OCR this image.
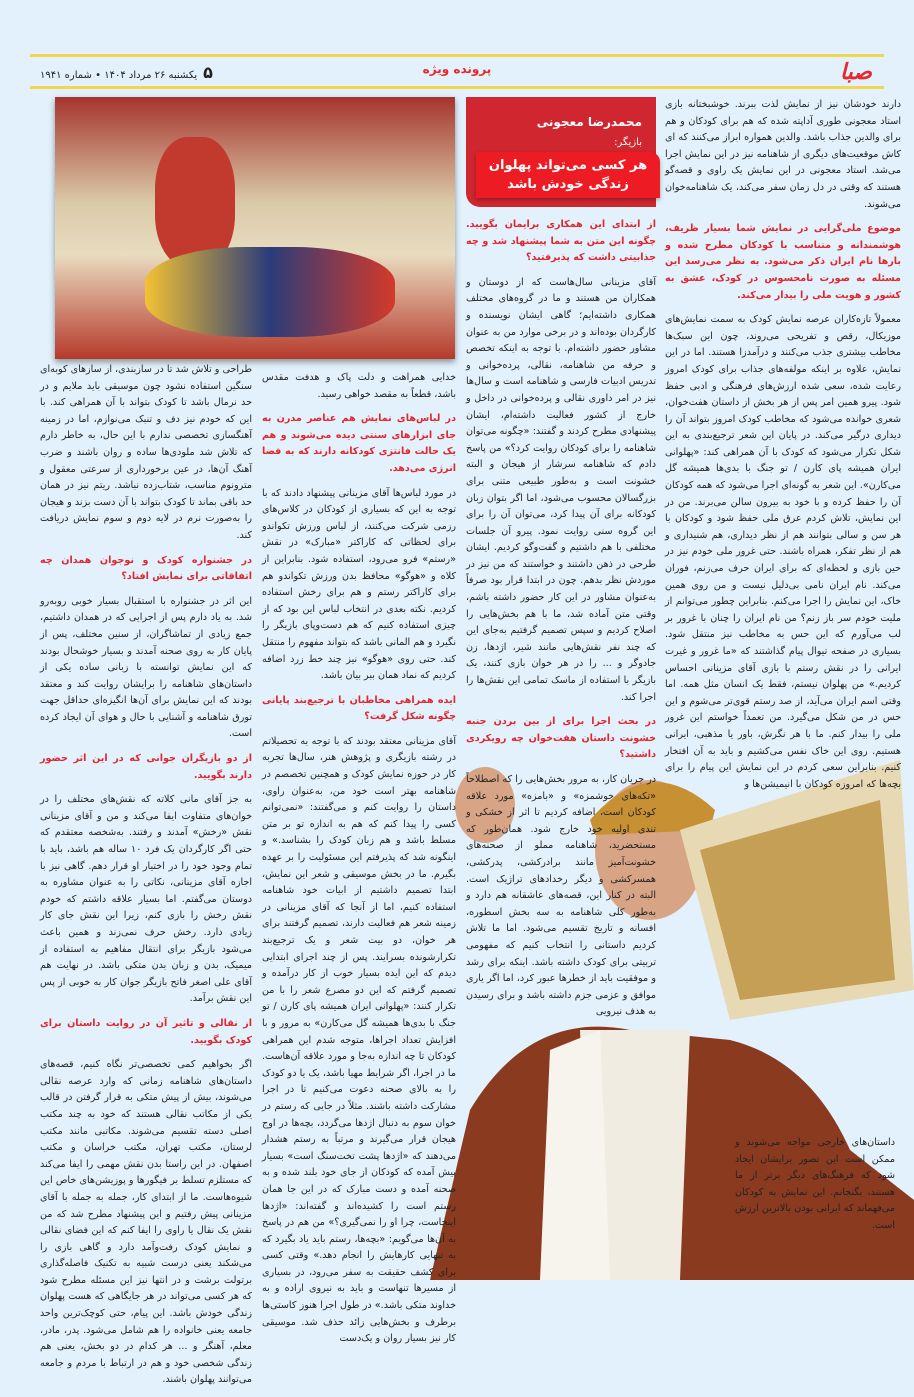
صبا
پرونده ویژه
۵یکشنبه ۲۶ مرداد ۱۴۰۴ • شماره ۱۹۴۱
محمدرضا معجونی
بازیگر:
هر کسی می‌تواند پهلوان زندگی خودش باشد

دارند خودشان نیز از نمایش لذت ببرند. خوشبختانه بازی استاد معجونی طوری آداپته شده که هم برای کودکان و هم برای والدین جذاب باشد. والدین همواره ابراز می‌کنند که ای کاش موقعیت‌های دیگری از شاهنامه نیز در این نمایش اجرا می‌شد. استاد معجونی در این نمایش یک راوی و قصه‌گو هستند که وقتی در دل زمان سفر می‌کند، یک شاهنامه‌خوان می‌شوند.

موضوع ملی‌گرایی در نمایش شما بسیار ظریف، هوشمندانه و متناسب با کودکان مطرح شده و بارها نام ایران ذکر می‌شود. به نظر می‌رسد این مسئله به صورت نامحسوس در کودک، عشق به کشور و هویت ملی را بیدار می‌کند.

معمولاً تازه‌کاران عرصه نمایش کودک به سمت نمایش‌های موزیکال، رقص و تفریحی می‌روند، چون این سبک‌ها مخاطب بیشتری جذب می‌کنند و درآمدزا هستند. اما در این نمایش، علاوه بر اینکه مولفه‌های جذاب برای کودک امروز رعایت شده، سعی شده ارزش‌های فرهنگی و ادبی حفظ شود. پیرو همین امر پس از هر بخش از داستان هفت‌خوان، شعری خوانده می‌شود که مخاطب کودک امروز بتواند آن را دیداری درگیر می‌کند. در پایان این شعر ترجیع‌بندی به این شکل تکرار می‌شود که کودک با آن همراهی کند: «پهلوانی ایران همیشه پای کارن / تو جنگ با بدی‌ها همیشه گل می‌کارن». این شعر به گونه‌ای اجرا می‌شود که همه کودکان آن را حفظ کرده و با خود به بیرون سالن می‌برند. من در این نمایش، تلاش کردم عرق ملی حفظ شود و کودکان با هر سن و سالی بتوانند هم از نظر دیداری، هم شنیداری و هم از نظر تفکر، همراه باشند. حتی غرور ملی خودم نیز در حین بازی و لحظه‌ای که برای ایران حرف می‌زنم، فوران می‌کند. نام ایران نامی بی‌دلیل نیست و من روی همین خاک، این نمایش را اجرا می‌کنم. بنابراین چطور می‌توانم از ملیت خودم سر باز زنم؟ من نام ایران را چنان با غرور بر لب می‌آورم که این حس به مخاطب نیز منتقل شود. بسیاری در صفحه تیوال پیام گذاشتند که «ما غرور و غیرت ایرانی را در نقش رستم با بازی آقای مزینانی احساس کردیم.» من پهلوان نیستم، فقط یک انسان مثل همه. اما وقتی اسم ایران می‌آید، از صد رستم قوی‌تر می‌شوم و این حس در من شکل می‌گیرد. من تعمداً خواستم این غرور ملی را بیدار کنم. ما با هر نگرش، باور یا مذهبی، ایرانی هستیم. روی این خاک نفس می‌کشیم و باید به آن افتخار کنیم. بنابراین سعی کردم در این نمایش این پیام را برای بچه‌ها که امروزه کودکان با انیمیشن‌ها و

از ابتدای این همکاری برایمان بگویید. چگونه این متن به شما پیشنهاد شد و چه جذابیتی داشت که پذیرفتید؟

آقای مزینانی سال‌هاست که از دوستان و همکاران من هستند و ما در گروه‌های مختلف همکاری داشته‌ایم؛ گاهی ایشان نویسنده و کارگردان بوده‌اند و در برخی موارد من به عنوان مشاور حضور داشته‌ام. با توجه به اینکه تخصص و حرفه من شاهنامه، نقالی، پرده‌خوانی و تدریس ادبیات فارسی و شاهنامه است و سال‌ها نیز در امر داوری نقالی و پرده‌خوانی در داخل و خارج از کشور فعالیت داشته‌ام، ایشان پیشنهادی مطرح کردند و گفتند: «چگونه می‌توان شاهنامه را برای کودکان روایت کرد؟» من پاسخ دادم که شاهنامه سرشار از هیجان و البته خشونت است و به‌طور طبیعی متنی برای بزرگسالان محسوب می‌شود، اما اگر بتوان زبان کودکانه برای آن پیدا کرد، می‌توان آن را برای این گروه سنی روایت نمود. پیرو آن جلسات مختلفی با هم داشتیم و گفت‌وگو کردیم. ایشان طرحی در ذهن داشتند و خواستند که من نیز در موردش نظر بدهم. چون در ابتدا قرار بود صرفاً به‌عنوان مشاور در این کار حضور داشته باشم، وقتی متن آماده شد، ما با هم بخش‌هایی را اصلاح کردیم و سپس تصمیم گرفتیم به‌جای این که چند نفر نقش‌هایی مانند شیر، اژدها، زن جادوگر و ... را در هر خوان بازی کنند، یک بازیگر با استفاده از ماسک تمامی این نقش‌ها را اجرا کند.

در بحث اجرا برای از بین بردن جنبه خشونت داستان هفت‌خوان چه رویکردی داشتید؟

در جریان کار، به مرور بخش‌هایی را که اصطلاحاً «تکه‌های خوشمزه» و «بامزه» مورد علاقه کودکان است، اضافه کردیم تا اثر از خشکی و تندی اولیه خود خارج شود. همان‌طور که مستحضرید، شاهنامه مملو از صحنه‌های خشونت‌آمیز مانند برادرکشی، پدرکشی، همسرکشی و دیگر رخدادهای تراژیک است. البته در کنار این، قصه‌های عاشقانه هم دارد و به‌طور کلی شاهنامه به سه بخش اسطوره، افسانه و تاریخ تقسیم می‌شود. اما ما تلاش کردیم داستانی را انتخاب کنیم که مفهومی تربیتی برای کودک داشته باشد. اینکه برای رشد و موفقیت باید از خطرها عبور کرد، اما اگر یاری موافق و عزمی جزم داشته باشد و برای رسیدن به هدف نیرویی

خدایی همراهت و دلت پاک و هدفت مقدس باشد، قطعاً به مقصد خواهی رسید.

در لباس‌های نمایش هم عناصر مدرن به جای ابزارهای سنتی دیده می‌شوند و هم یک حالت فانتزی کودکانه دارند که به فضا انرژی می‌دهد.

در مورد لباس‌ها آقای مزینانی پیشنهاد دادند که با توجه به این که بسیاری از کودکان در کلاس‌های رزمی شرکت می‌کنند، از لباس ورزش تکواندو برای لحظاتی که کاراکتر «مبارک» در نقش «رستم» فرو می‌رود، استفاده شود. بنابراین از کلاه و «هوگو» محافظ بدن ورزش تکواندو هم برای کاراکتر رستم و هم برای رخش استفاده کردیم. نکته بعدی در انتخاب لباس این بود که از چیزی استفاده کنیم که هم دست‌وپای بازیگر را نگیرد و هم المانی باشد که بتواند مفهوم را منتقل کند. حتی روی «هوگو» نیز چند خط زرد اضافه کردیم که نماد همان ببر بیان باشد.

ایده همراهی مخاطبان با ترجیع‌بند پایانی چگونه شکل گرفت؟

آقای مزینانی معتقد بودند که با توجه به تحصیلاتم در رشته بازیگری و پژوهش هنر، سال‌ها تجربه کار در حوزه نمایش کودک و همچنین تخصصم در شاهنامه بهتر است خود من، به‌عنوان راوی، داستان را روایت کنم و می‌گفتند: «نمی‌توانم کسی را پیدا کنم که هم به اندازه تو بر متن مسلط باشد و هم زبان کودک را بشناسد.» و اینگونه شد که پذیرفتم این مسئولیت را بر عهده بگیرم. ما در بخش موسیقی و شعر این نمایش، ابتدا تصمیم داشتیم از ابیات خود شاهنامه استفاده کنیم، اما از آنجا که آقای مزینانی در زمینه شعر هم فعالیت دارند، تصمیم گرفتند برای هر خوان، دو بیت شعر و یک ترجیع‌بند تکرارشونده بسرایند. پس از چند اجرای ابتدایی دیدم که این ایده بسیار خوب از کار درآمده و تصمیم گرفتم که این دو مصرع شعر را با من تکرار کنند: «پهلوانی ایران همیشه پای کارن / تو جنگ با بدی‌ها همیشه گل می‌کارن» به مرور و با افزایش تعداد اجراها، متوجه شدم این همراهی کودکان تا چه اندازه به‌جا و مورد علاقه آن‌هاست. ما در اجرا، اگر شرایط مهیا باشد، یک یا دو کودک را به بالای صحنه دعوت می‌کنیم تا در اجرا مشارکت داشته باشند. مثلاً در جایی که رستم در خوان سوم به دنبال اژدها می‌گردد، بچه‌ها در اوج هیجان قرار می‌گیرند و مرتباً به رستم هشدار می‌دهند که «اژدها پشت تخت‌سنگ است» بسیار پیش آمده که کودکان از جای خود بلند شده و به صحنه آمده و دست مبارک که در این جا همان رستم است را کشیده‌اند و گفته‌اند: «اژدها اینجاست، چرا او را نمی‌گیری؟» من هم در پاسخ به آن‌ها می‌گویم: «بچه‌ها، رستم باید یاد بگیرد که به تنهایی کارهایش را انجام دهد.» وقتی کسی برای کشف حقیقت به سفر می‌رود، در بسیاری از مسیرها تنهاست و باید به نیروی اراده و به خداوند متکی باشد.» در طول اجرا هنوز کاستی‌ها برطرف و بخش‌هایی زائد حذف شد. موسیقی کار نیز بسیار روان و یک‌دست

طراحی و تلاش شد تا در سازبندی، از سازهای کوبه‌ای سنگین استفاده نشود چون موسیقی باید ملایم و در حد نرمال باشد تا کودک بتواند با آن همراهی کند. با این که خودم نیز دف و تنبک می‌نوازم، اما در زمینه آهنگسازی تخصصی ندارم با این حال، به خاطر دارم که تلاش شد ملودی‌ها ساده و روان باشند و ضرب آهنگ آن‌ها، در عین برخورداری از سرعتی معقول و مترونوم مناسب، شتاب‌زده نباشد. ریتم نیز در همان حد باقی بماند تا کودک بتواند با آن دست بزند و هیجان را به‌صورت نرم در لایه دوم و سوم نمایش دریافت کند.

در جشنواره کودک و نوجوان همدان چه اتفاقاتی برای نمایش افتاد؟

این اثر در جشنواره با استقبال بسیار خوبی روبه‌رو شد. به یاد دارم پس از اجرایی که در همدان داشتیم، جمع زیادی از تماشاگران، از سنین مختلف، پس از پایان کار به روی صحنه آمدند و بسیار خوشحال بودند که این نمایش توانسته با زبانی ساده یکی از داستان‌های شاهنامه را برایشان روایت کند و معتقد بودند که این نمایش برای آن‌ها انگیزه‌ای حداقل جهت تورق شاهنامه و آشنایی با حال و هوای آن ایجاد کرده است.

از دو بازیگران جوانی که در این اثر حضور دارند بگویید.

به جز آقای مانی کلاته که نقش‌های مختلف را در خوان‌های متفاوت ایفا می‌کند و من و آقای مزینانی نقش «رخش» آمدند و رفتند. به‌شخصه معتقدم که حتی اگر کارگردان یک فرد ۱۰ ساله هم باشد، باید با تمام وجود خود را در اختیار او قرار دهم. گاهی نیز با اجازه آقای مزینانی، نکاتی را به عنوان مشاوره به دوستان می‌گفتم. اما بسیار علاقه داشتم که خودم نقش رخش را بازی کنم، زیرا این نقش جای کار زیادی دارد. رخش حرف نمی‌زند و همین باعث می‌شود بازیگر برای انتقال مفاهیم به استفاده از میمیک، بدن و زبان بدن متکی باشد. در نهایت هم آقای علی اصغر فاتح بازیگر جوان کار به خوبی از پس این نقش برآمد.

از نقالی و تاثیر آن در روایت داستان برای کودک بگویید.

اگر بخواهیم کمی تخصصی‌تر نگاه کنیم، قصه‌های داستان‌های شاهنامه زمانی که وارد عرصه نقالی می‌شوند، بیش از پیش متکی به قرار گرفتن در قالب یکی از مکاتب نقالی هستند که خود به چند مکتب اصلی دسته تقسیم می‌شوند. مکاتبی مانند مکتب لرستان، مکتب تهران، مکتب خراسان و مکتب اصفهان. در این راستا بدن نقش مهمی را ایفا می‌کند که مستلزم تسلط بر فیگورها و پوزیشن‌های خاص این شیوه‌هاست. ما از ابتدای کار، جمله به جمله با آقای مزینانی پیش رفتیم و این پیشنهاد مطرح شد که من نقش یک نقال یا راوی را ایفا کنم که این فضای نقالی و نمایش کودک رفت‌وآمد دارد و گاهی بازی را می‌شکند یعنی درست شبیه به تکنیک فاصله‌گذاری برتولت برشت و در انتها نیز این مسئله مطرح شود که هر کسی می‌تواند در هر جایگاهی که هست پهلوان زندگی خودش باشد. این پیام، حتی کوچک‌ترین واحد جامعه یعنی خانواده را هم شامل می‌شود. پدر، مادر، معلم، آهنگر و ... هر کدام در دو بخش، یعنی هم زندگی شخصی خود و هم در ارتباط با مردم و جامعه می‌توانند پهلوان باشند.

داستان‌های خارجی مواجه می‌شوند و ممکن است این تصور برایشان ایجاد شود که فرهنگ‌های دیگر برتر از ما هستند، بگنجانم. این نمایش به کودکان می‌فهماند که ایرانی بودن بالاترین ارزش است.
